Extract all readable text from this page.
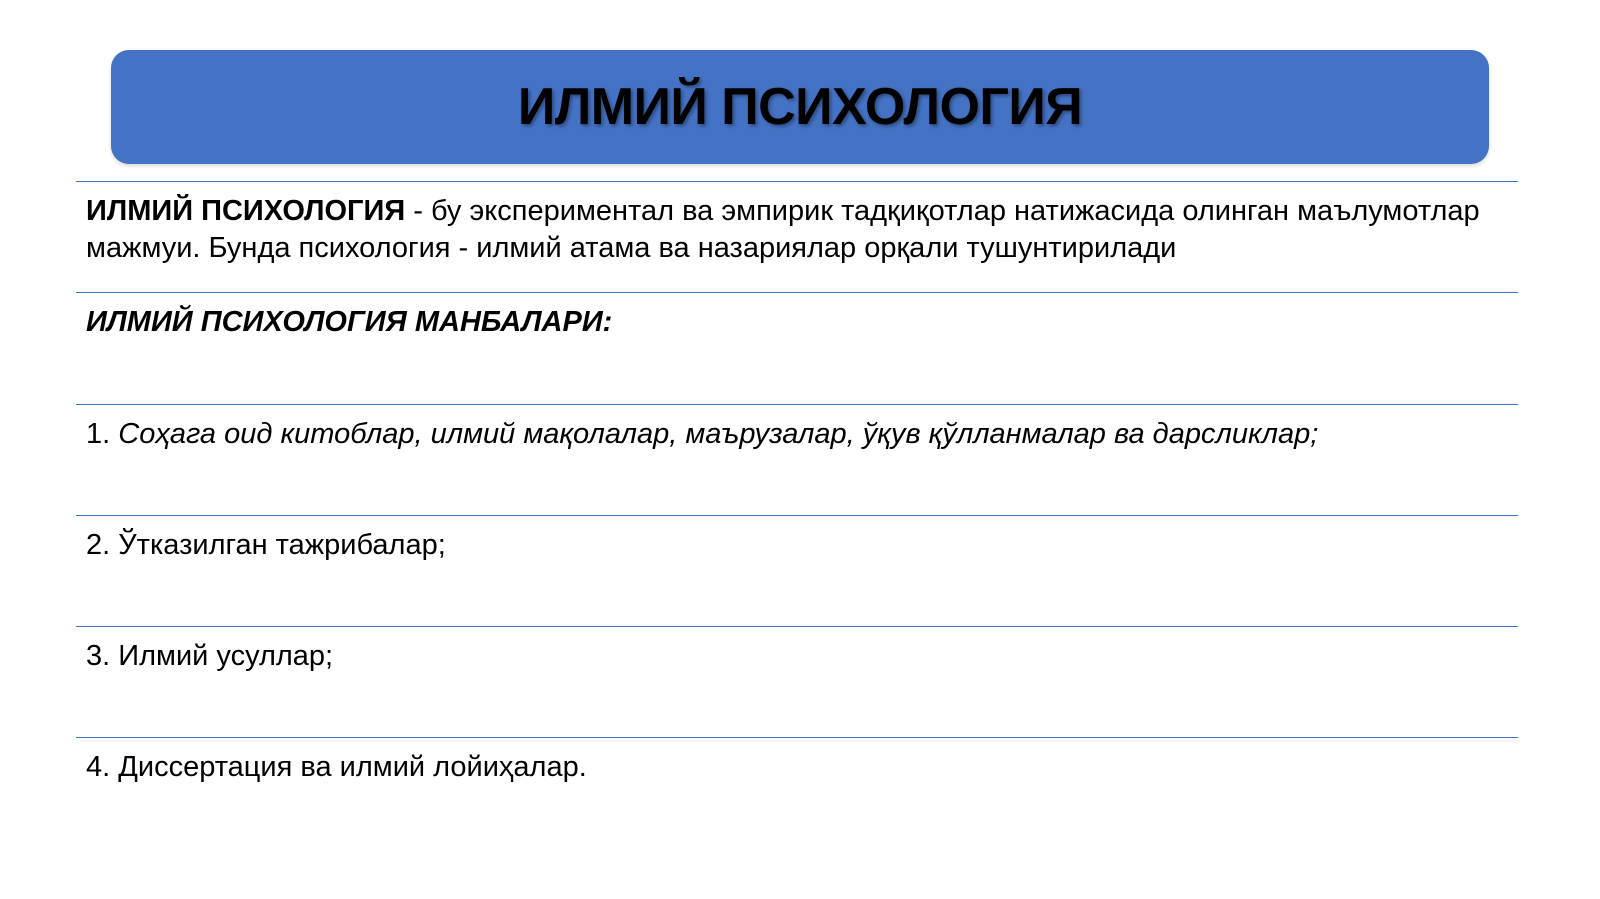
ИЛМИЙ ПСИХОЛОГИЯ
ИЛМИЙ ПСИХОЛОГИЯ - бу экспериментал ва эмпирик тадқиқотлар натижасида олинган маълумотлар мажмуи. Бунда психология - илмий атама ва назариялар орқали тушунтирилади
ИЛМИЙ ПСИХОЛОГИЯ МАНБАЛАРИ:
1. Соҳага оид китоблар, илмий мақолалар, маърузалар, ўқув қўлланмалар ва дарсликлар;
2. Ўтказилган тажрибалар;
3. Илмий усуллар;
4. Диссертация ва илмий лойиҳалар.
